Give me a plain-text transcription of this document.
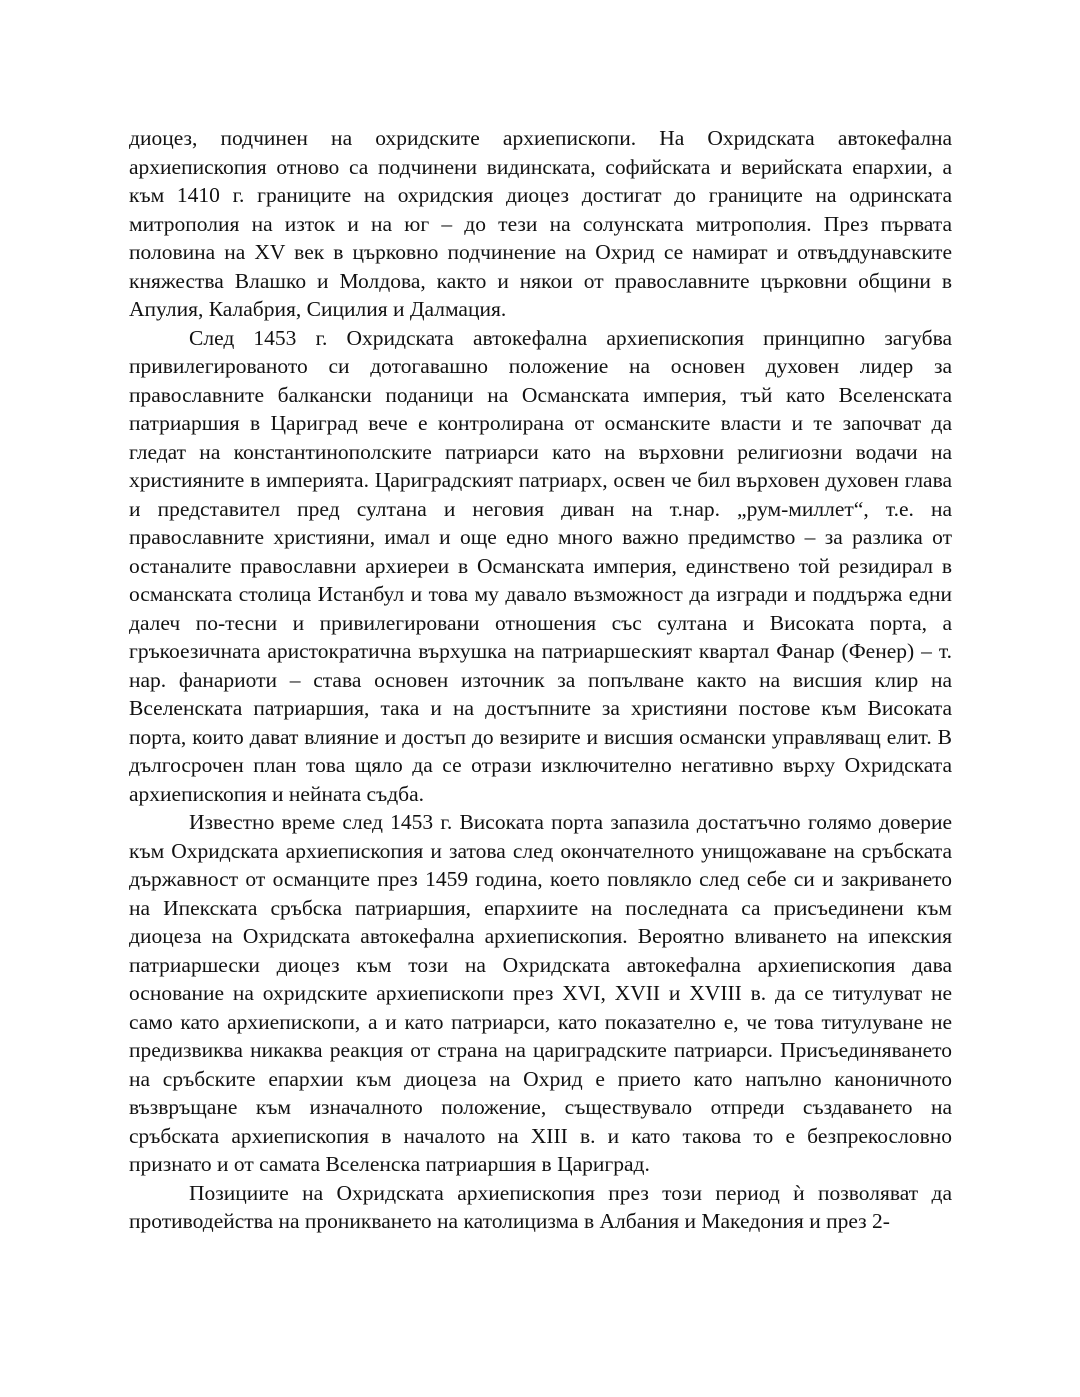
диоцез, подчинен на охридските архиепископи. На Охридската автокефална архиепископия отново са подчинени видинската, софийската и верийската епархии, а към 1410 г. границите на охридския диоцез достигат до границите на одринската митрополия на изток и на юг – до тези на солунската митрополия. През първата половина на XV век в църковно подчинение на Охрид се намират и отвъддунавските княжества Влашко и Молдова, както и някои от православните църковни общини в Апулия, Калабрия, Сицилия и Далмация.

След 1453 г. Охридската автокефална архиепископия принципно загубва привилегированото си дотогавашно положение на основен духовен лидер за православните балкански поданици на Османската империя, тъй като Вселенската патриаршия в Цариград вече е контролирана от османските власти и те започват да гледат на константинополските патриарси като на върховни религиозни водачи на християните в империята. Цариградският патриарх, освен че бил върховен духовен глава и представител пред султана и неговия диван на т.нар. „рум-миллет“, т.е. на православните християни, имал и още едно много важно предимство – за разлика от останалите православни архиереи в Османската империя, единствено той резидирал в османската столица Истанбул и това му давало възможност да изгради и поддържа едни далеч по-тесни и привилегировани отношения със султана и Високата порта, а гръкоезичната аристократична върхушка на патриаршеският квартал Фанар (Фенер) – т. нар. фанариоти – става основен източник за попълване както на висшия клир на Вселенската патриаршия, така и на достъпните за християни постове към Високата порта, които дават влияние и достъп до везирите и висшия османски управляващ елит. В дългосрочен план това щяло да се отрази изключително негативно върху Охридската архиепископия и нейната съдба.

Известно време след 1453 г. Високата порта запазила достатъчно голямо доверие към Охридската архиепископия и затова след окончателното унищожаване на сръбската държавност от османците през 1459 година, което повлякло след себе си и закриването на Ипекската сръбска патриаршия, епархиите на последната са присъединени към диоцеза на Охридската автокефална архиепископия. Вероятно вливането на ипекския патриаршески диоцез към този на Охридската автокефална архиепископия дава основание на охридските архиепископи през XVI, XVII и XVIII в. да се титулуват не само като архиепископи, а и като патриарси, като показателно е, че това титулуване не предизвиква никаква реакция от страна на цариградските патриарси. Присъединяването на сръбските епархии към диоцеза на Охрид е прието като напълно каноничното възвръщане към изначалното положение, съществувало отпреди създаването на сръбската архиепископия в началото на XIII в. и като такова то е безпрекословно признато и от самата Вселенска патриаршия в Цариград.

Позициите на Охридската архиепископия през този период ѝ позволяват да противодейства на проникването на католицизма в Албания и Македония и през 2-
